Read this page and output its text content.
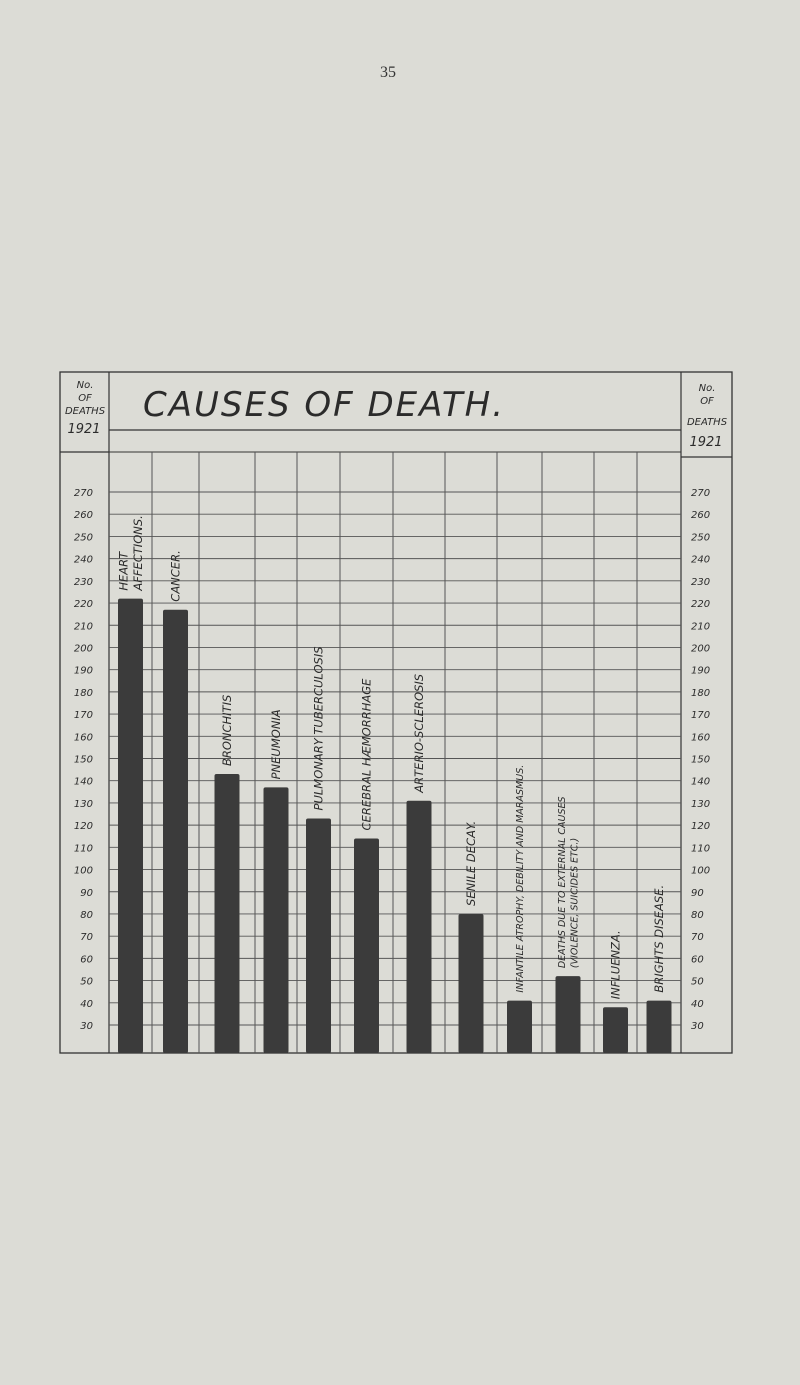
35
CAUSES OF DEATH.
No.
OF
DEATHS
1921
No.
OF
DEATHS
1921
270
260
250
240
230
220
210
200
190
180
170
160
150
140
130
120
110
100
90
80
70
60
50
40
30
270
260
250
240
230
220
210
200
190
180
170
160
150
140
130
120
110
100
90
80
70
60
50
40
30
HEART AFFECTIONS. CANCER.
BRONCHITIS	PNEUMONIA PULMONARY TUBERCULOSIS	CEREBRAL HÆMORRHAGE	ARTERIO-SCLEROSIS
SENILE DECAY.	INFANTILE ATROPHY, DEBILITY AND MARASMUS.	DEATHS DUE TO EXTERNAL CAUSES (VIOLENCE, SUICIDES ETC.) INFLUENZA.	BRIGHTS DISEASE.
